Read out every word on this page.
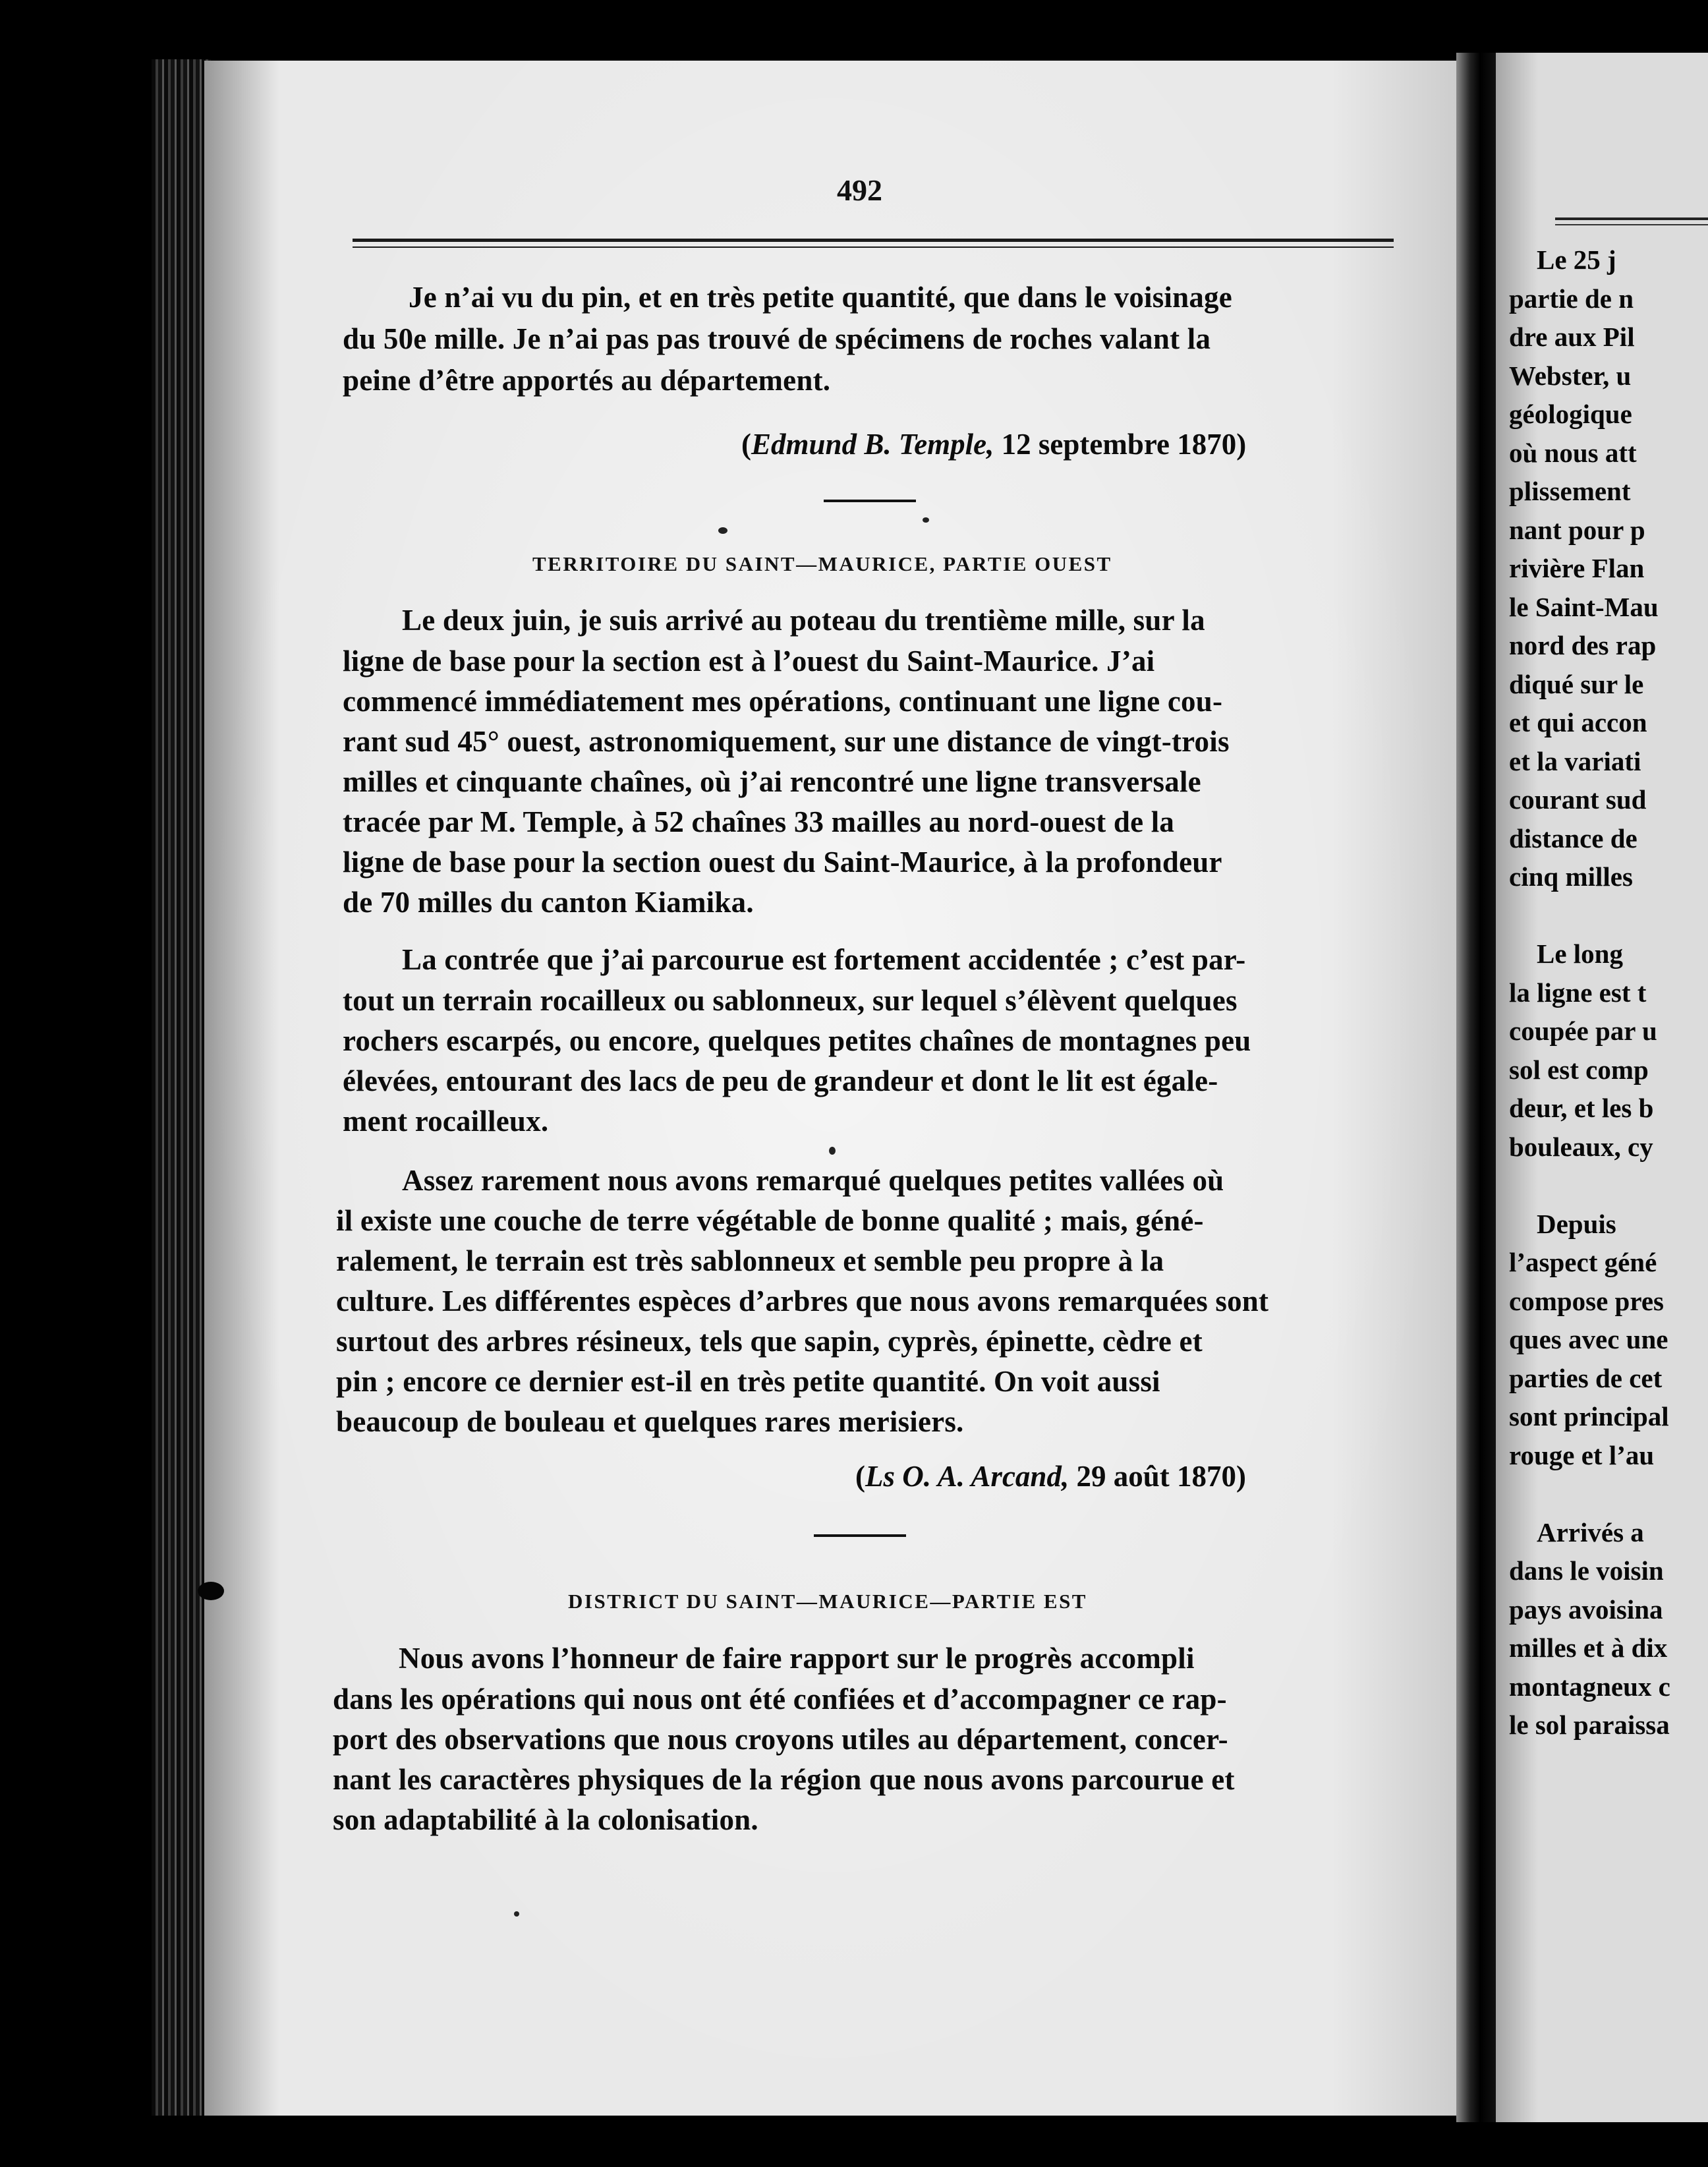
Le 25 j
partie de n
dre aux Pil
Webster, u
géologique
où nous att
plissement
nant pour p
rivière Flan
le Saint-Mau
nord des rap
diqué sur le
et qui accon
et la variati
courant sud
distance de
cinq milles
Le long
la ligne est t
coupée par u
sol est comp
deur, et les b
bouleaux, cy
Depuis
l’aspect géné
compose pres
ques avec une
parties de cet
sont principal
rouge et l’au
Arrivés a
dans le voisin
pays avoisina
milles et à dix
montagneux c
le sol paraissa
492
Je n’ai vu du pin, et en très petite quantité, que dans le voisinage
du 50e mille. Je n’ai pas pas trouvé de spécimens de roches valant la
peine d’être apportés au département.
(Edmund B. Temple, 12 septembre 1870)
TERRITOIRE DU SAINT—MAURICE, PARTIE OUEST
Le deux juin, je suis arrivé au poteau du trentième mille, sur la
ligne de base pour la section est à l’ouest du Saint-Maurice. J’ai
commencé immédiatement mes opérations, continuant une ligne cou-
rant sud 45° ouest, astronomiquement, sur une distance de vingt-trois
milles et cinquante chaînes, où j’ai rencontré une ligne transversale
tracée par M. Temple, à 52 chaînes 33 mailles au nord-ouest de la
ligne de base pour la section ouest du Saint-Maurice, à la profondeur
de 70 milles du canton Kiamika.
La contrée que j’ai parcourue est fortement accidentée ; c’est par-
tout un terrain rocailleux ou sablonneux, sur lequel s’élèvent quelques
rochers escarpés, ou encore, quelques petites chaînes de montagnes peu
élevées, entourant des lacs de peu de grandeur et dont le lit est égale-
ment rocailleux.
Assez rarement nous avons remarqué quelques petites vallées où
il existe une couche de terre végétable de bonne qualité ; mais, géné-
ralement, le terrain est très sablonneux et semble peu propre à la
culture. Les différentes espèces d’arbres que nous avons remarquées sont
surtout des arbres résineux, tels que sapin, cyprès, épinette, cèdre et
pin ; encore ce dernier est-il en très petite quantité. On voit aussi
beaucoup de bouleau et quelques rares merisiers.
(Ls O. A. Arcand, 29 août 1870)
DISTRICT DU SAINT—MAURICE—PARTIE EST
Nous avons l’honneur de faire rapport sur le progrès accompli
dans les opérations qui nous ont été confiées et d’accompagner ce rap-
port des observations que nous croyons utiles au département, concer-
nant les caractères physiques de la région que nous avons parcourue et
son adaptabilité à la colonisation.
